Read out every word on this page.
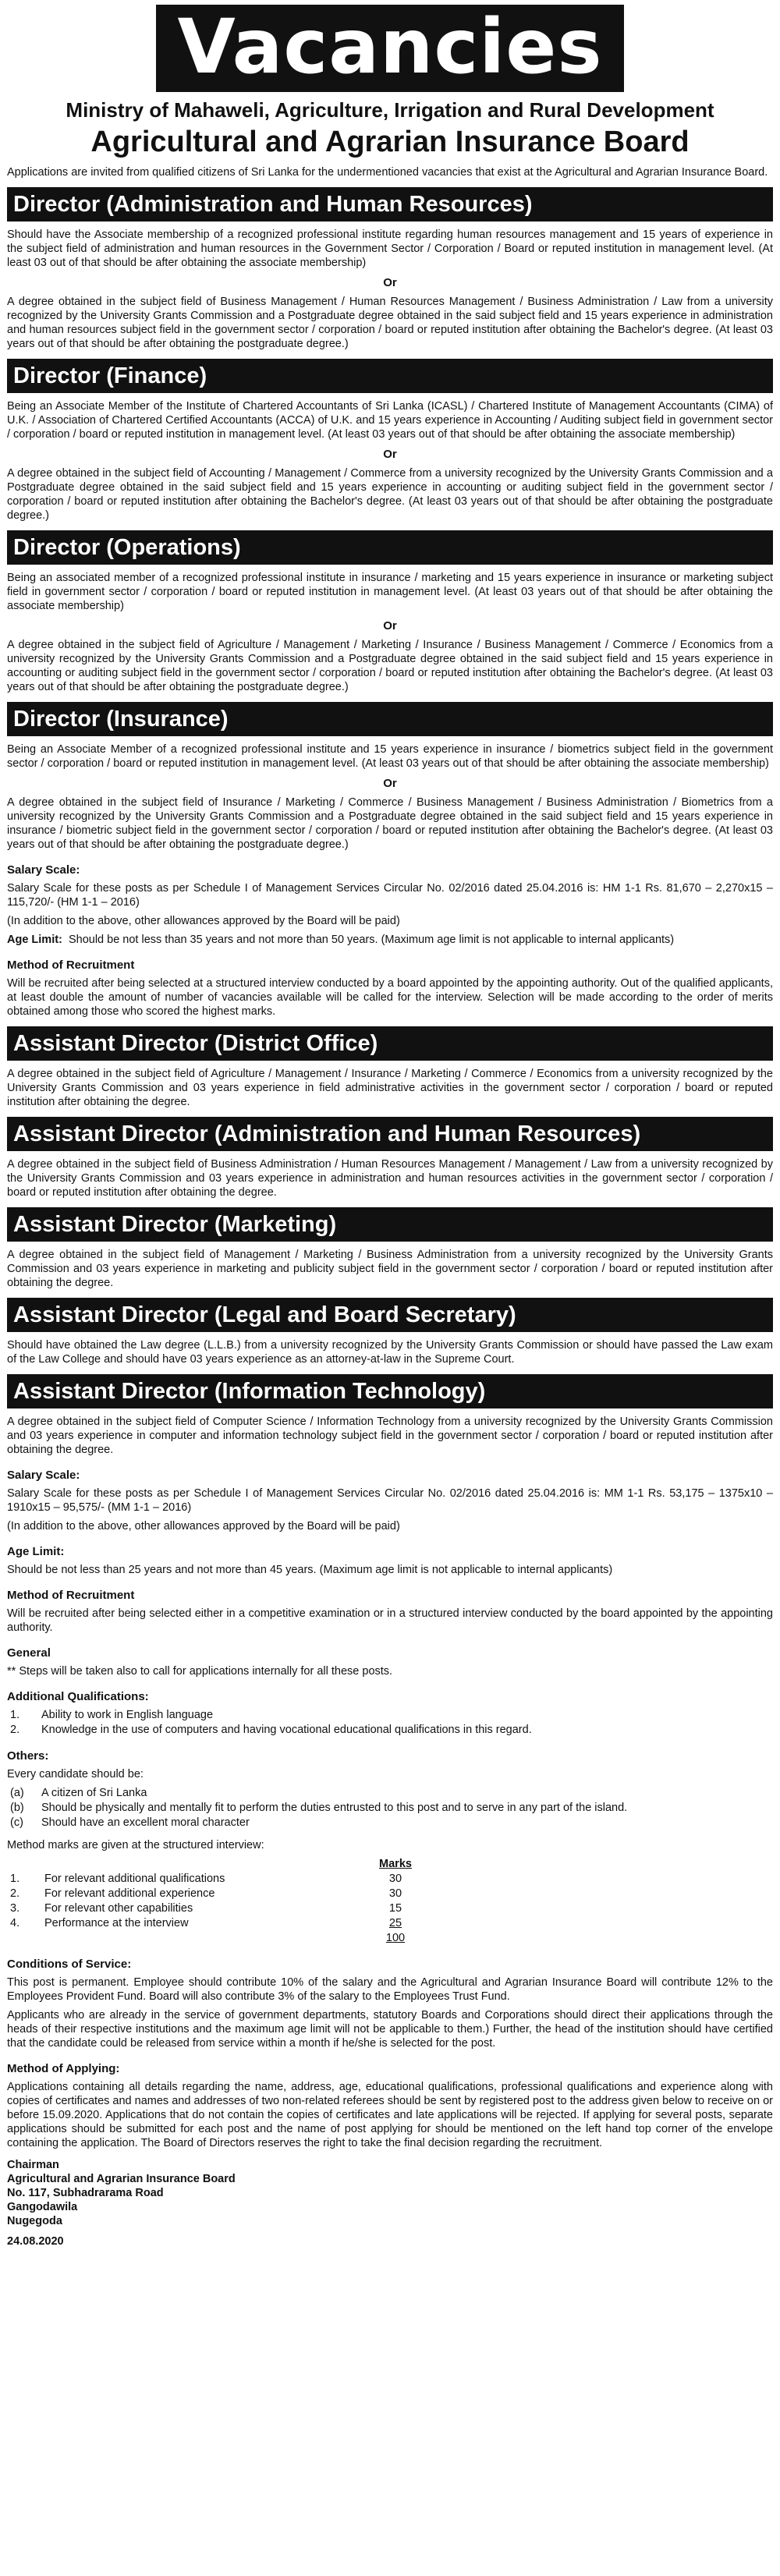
Vacancies
Ministry of Mahaweli, Agriculture, Irrigation and Rural Development
Agricultural and Agrarian Insurance Board
Applications are invited from qualified citizens of Sri Lanka for the undermentioned vacancies that exist at the Agricultural and Agrarian Insurance Board.
Director (Administration and Human Resources)
Should have the Associate membership of a recognized professional institute regarding human resources management and 15 years of experience in the subject field of administration and human resources in the Government Sector / Corporation / Board or reputed institution in management level. (At least 03 out of that should be after obtaining the associate membership)
Or
A degree obtained in the subject field of Business Management / Human Resources Management / Business Administration / Law from a university recognized by the University Grants Commission and a Postgraduate degree obtained in the said subject field and 15 years experience in administration and human resources subject field in the government sector / corporation / board or reputed institution after obtaining the Bachelor's degree. (At least 03 years out of that should be after obtaining the postgraduate degree.)
Director (Finance)
Being an Associate Member of the Institute of Chartered Accountants of Sri Lanka (ICASL) / Chartered Institute of Management Accountants (CIMA) of U.K. / Association of Chartered Certified Accountants (ACCA) of U.K. and 15 years experience in Accounting / Auditing subject field in government sector / corporation / board or reputed institution in management level. (At least 03 years out of that should be after obtaining the associate membership)
Or
A degree obtained in the subject field of Accounting / Management / Commerce from a university recognized by the University Grants Commission and a Postgraduate degree obtained in the said subject field and 15 years experience in accounting or auditing subject field in the government sector / corporation / board or reputed institution after obtaining the Bachelor's degree. (At least 03 years out of that should be after obtaining the postgraduate degree.)
Director (Operations)
Being an associated member of a recognized professional institute in insurance / marketing and 15 years experience in insurance or marketing subject field in government sector / corporation / board or reputed institution in management level. (At least 03 years out of that should be after obtaining the associate membership)
Or
A degree obtained in the subject field of Agriculture / Management / Marketing / Insurance / Business Management / Commerce / Economics from a university recognized by the University Grants Commission and a Postgraduate degree obtained in the said subject field and 15 years experience in accounting or auditing subject field in the government sector / corporation / board or reputed institution after obtaining the Bachelor's degree. (At least 03 years out of that should be after obtaining the postgraduate degree.)
Director (Insurance)
Being an Associate Member of a recognized professional institute and 15 years experience in insurance / biometrics subject field in the government sector / corporation / board or reputed institution in management level. (At least 03 years out of that should be after obtaining the associate membership)
Or
A degree obtained in the subject field of Insurance / Marketing / Commerce / Business Management / Business Administration / Biometrics from a university recognized by the University Grants Commission and a Postgraduate degree obtained in the said subject field and 15 years experience in insurance / biometric subject field in the government sector / corporation / board or reputed institution after obtaining the Bachelor's degree. (At least 03 years out of that should be after obtaining the postgraduate degree.)
Salary Scale:
Salary Scale for these posts as per Schedule I of Management Services Circular No. 02/2016 dated 25.04.2016 is: HM 1-1 Rs. 81,670 – 2,270x15 – 115,720/- (HM 1-1 – 2016)
(In addition to the above, other allowances approved by the Board will be paid)
Age Limit: Should be not less than 35 years and not more than 50 years. (Maximum age limit is not applicable to internal applicants)
Method of Recruitment
Will be recruited after being selected at a structured interview conducted by a board appointed by the appointing authority. Out of the qualified applicants, at least double the amount of number of vacancies available will be called for the interview. Selection will be made according to the order of merits obtained among those who scored the highest marks.
Assistant Director (District Office)
A degree obtained in the subject field of Agriculture / Management / Insurance / Marketing / Commerce / Economics from a university recognized by the University Grants Commission and 03 years experience in field administrative activities in the government sector / corporation / board or reputed institution after obtaining the degree.
Assistant Director (Administration and Human Resources)
A degree obtained in the subject field of Business Administration / Human Resources Management / Management / Law from a university recognized by the University Grants Commission and 03 years experience in administration and human resources activities in the government sector / corporation / board or reputed institution after obtaining the degree.
Assistant Director (Marketing)
A degree obtained in the subject field of Management / Marketing / Business Administration from a university recognized by the University Grants Commission and 03 years experience in marketing and publicity subject field in the government sector / corporation / board or reputed institution after obtaining the degree.
Assistant Director (Legal and Board Secretary)
Should have obtained the Law degree (L.L.B.) from a university recognized by the University Grants Commission or should have passed the Law exam of the Law College and should have 03 years experience as an attorney-at-law in the Supreme Court.
Assistant Director (Information Technology)
A degree obtained in the subject field of Computer Science / Information Technology from a university recognized by the University Grants Commission and 03 years experience in computer and information technology subject field in the government sector / corporation / board or reputed institution after obtaining the degree.
Salary Scale:
Salary Scale for these posts as per Schedule I of Management Services Circular No. 02/2016 dated 25.04.2016 is: MM 1-1 Rs. 53,175 – 1375x10 – 1910x15 – 95,575/- (MM 1-1 – 2016)
(In addition to the above, other allowances approved by the Board will be paid)
Age Limit:
Should be not less than 25 years and not more than 45 years. (Maximum age limit is not applicable to internal applicants)
Method of Recruitment
Will be recruited after being selected either in a competitive examination or in a structured interview conducted by the board appointed by the appointing authority.
General
** Steps will be taken also to call for applications internally for all these posts.
Additional Qualifications:
1.	Ability to work in English language
2.	Knowledge in the use of computers and having vocational educational qualifications in this regard.
Others:
Every candidate should be:
(a)	A citizen of Sri Lanka
(b)	Should be physically and mentally fit to perform the duties entrusted to this post and to serve in any part of the island.
(c)	Should have an excellent moral character
Method marks are given at the structured interview:
		Marks
1.	For relevant additional qualifications	30
2.	For relevant additional experience	30
3.	For relevant other capabilities	15
4.	Performance at the interview	25
		100
Conditions of Service:
This post is permanent. Employee should contribute 10% of the salary and the Agricultural and Agrarian Insurance Board will contribute 12% to the Employees Provident Fund. Board will also contribute 3% of the salary to the Employees Trust Fund.
Applicants who are already in the service of government departments, statutory Boards and Corporations should direct their applications through the heads of their respective institutions and the maximum age limit will not be applicable to them.) Further, the head of the institution should have certified that the candidate could be released from service within a month if he/she is selected for the post.
Method of Applying:
Applications containing all details regarding the name, address, age, educational qualifications, professional qualifications and experience along with copies of certificates and names and addresses of two non-related referees should be sent by registered post to the address given below to receive on or before 15.09.2020. Applications that do not contain the copies of certificates and late applications will be rejected. If applying for several posts, separate applications should be submitted for each post and the name of post applying for should be mentioned on the left hand top corner of the envelope containing the application. The Board of Directors reserves the right to take the final decision regarding the recruitment.
Chairman
Agricultural and Agrarian Insurance Board
No. 117, Subhadrarama Road
Gangodawila
Nugegoda
24.08.2020
